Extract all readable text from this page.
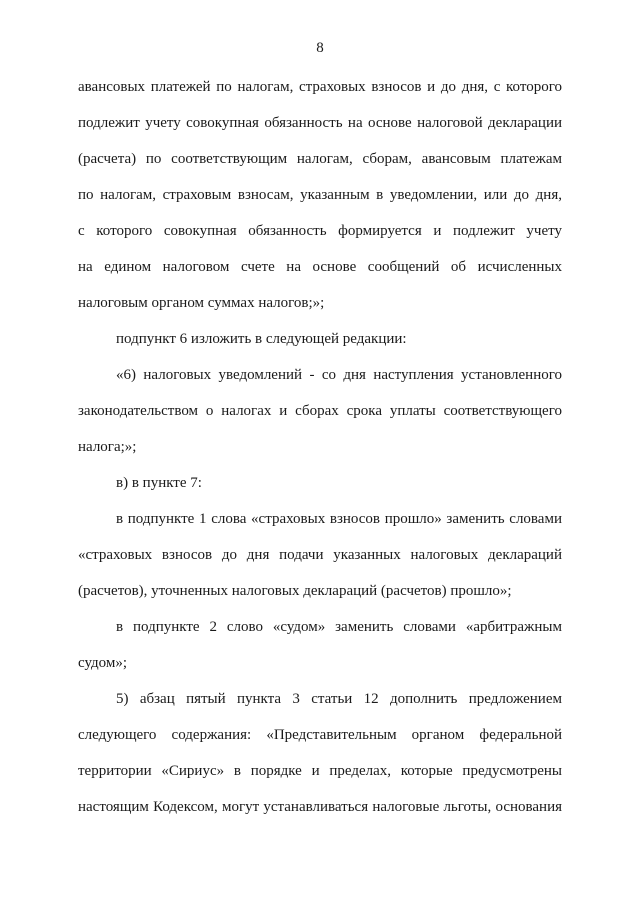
8
авансовых платежей по налогам, страховых взносов и до дня, с которого
подлежит учету совокупная обязанность на основе налоговой декларации
(расчета) по соответствующим налогам, сборам, авансовым платежам
по налогам, страховым взносам, указанным в уведомлении, или до дня,
с которого совокупная обязанность формируется и подлежит учету
на едином налоговом счете на основе сообщений об исчисленных
налоговым органом суммах налогов;»;
подпункт 6 изложить в следующей редакции:
«6) налоговых уведомлений - со дня наступления установленного
законодательством о налогах и сборах срока уплаты соответствующего
налога;»;
в) в пункте 7:
в подпункте 1 слова «страховых взносов прошло» заменить словами
«страховых взносов до дня подачи указанных налоговых деклараций
(расчетов), уточненных налоговых деклараций (расчетов) прошло»;
в подпункте 2 слово «судом» заменить словами «арбитражным
судом»;
5) абзац пятый пункта 3 статьи 12 дополнить предложением
следующего содержания: «Представительным органом федеральной
территории «Сириус» в порядке и пределах, которые предусмотрены
настоящим Кодексом, могут устанавливаться налоговые льготы, основания
